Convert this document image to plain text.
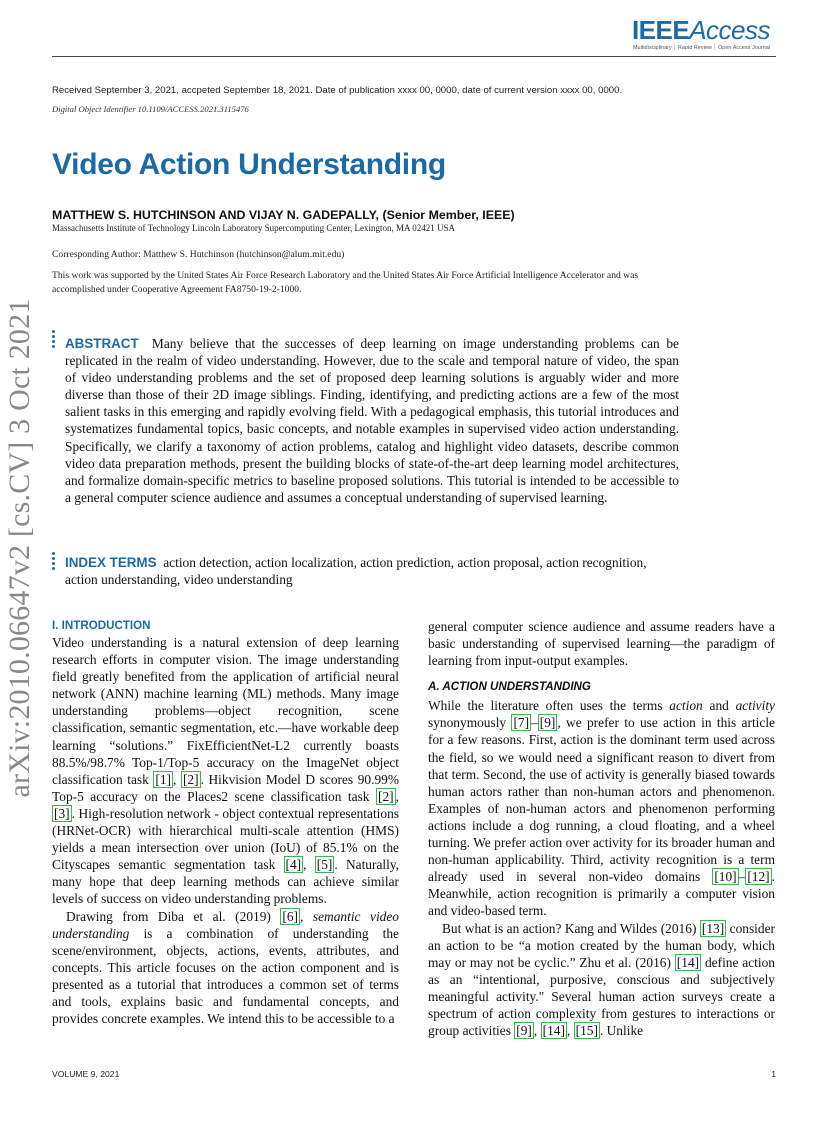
IEEEAccess
Multidisciplinary ⏐ Rapid Review ⏐ Open Access Journal
Received September 3, 2021, accpeted September 18, 2021. Date of publication xxxx 00, 0000, date of current version xxxx 00, 0000.
Digital Object Identifier 10.1109/ACCESS.2021.3115476
Video Action Understanding
MATTHEW S. HUTCHINSON AND VIJAY N. GADEPALLY, (Senior Member, IEEE)
Massachusetts Institute of Technology Lincoln Laboratory Supercomputing Center, Lexington, MA 02421 USA
Corresponding Author: Matthew S. Hutchinson (hutchinson@alum.mit.edu)
This work was supported by the United States Air Force Research Laboratory and the United States Air Force Artificial Intelligence Accelerator and was accomplished under Cooperative Agreement FA8750-19-2-1000.
arXiv:2010.06647v2 [cs.CV] 3 Oct 2021 ABSTRACT Many believe that the successes of deep learning on image understanding problems can be replicated in the realm of video understanding. However, due to the scale and temporal nature of video, the span of video understanding problems and the set of proposed deep learning solutions is arguably wider and more diverse than those of their 2D image siblings. Finding, identifying, and predicting actions are a few of the most salient tasks in this emerging and rapidly evolving field. With a pedagogical emphasis, this tutorial introduces and systematizes fundamental topics, basic concepts, and notable examples in supervised video action understanding. Specifically, we clarify a taxonomy of action problems, catalog and highlight video datasets, describe common video data preparation methods, present the building blocks of state-of-the-art deep learning model architectures, and formalize domain-specific metrics to baseline proposed solutions. This tutorial is intended to be accessible to a general computer science audience and assumes a conceptual understanding of supervised learning.
INDEX TERMS action detection, action localization, action prediction, action proposal, action recognition, action understanding, video understanding
I. INTRODUCTION

Video understanding is a natural extension of deep learning research efforts in computer vision. The image understanding field greatly benefited from the application of artificial neural network (ANN) machine learning (ML) methods. Many image understanding problems—object recognition, scene classification, semantic segmentation, etc.—have workable deep learning “solutions.” FixEfficientNet-L2 currently boasts 88.5%/98.7% Top-1/Top-5 accuracy on the ImageNet object classification task [1] , [2] . Hikvision Model D scores 90.99% Top-5 accuracy on the Places2 scene classification task [2] , [3] . High-resolution network - object contextual representations (HRNet-OCR) with hierarchical multi-scale attention (HMS) yields a mean intersection over union (IoU) of 85.1% on the Cityscapes semantic segmentation task [4] , [5] . Naturally, many hope that deep learning methods can achieve similar levels of success on video understanding problems.

Drawing from Diba et al. (2019) [6] , semantic video understanding is a combination of understanding the scene/environment, objects, actions, events, attributes, and concepts. This article focuses on the action component and is presented as a tutorial that introduces a common set of terms and tools, explains basic and fundamental concepts, and provides concrete examples. We intend this to be accessible to a

general computer science audience and assume readers have a basic understanding of supervised learning—the paradigm of learning from input-output examples.

A. ACTION UNDERSTANDING

While the literature often uses the terms action and activity synonymously [7] – [9] , we prefer to use action in this article for a few reasons. First, action is the dominant term used across the field, so we would need a significant reason to divert from that term. Second, the use of activity is generally biased towards human actors rather than non-human actors and phenomenon. Examples of non-human actors and phenomenon performing actions include a dog running, a cloud floating, and a wheel turning. We prefer action over activity for its broader human and non-human applicability. Third, activity recognition is a term already used in several non-video domains [10] – [12] . Meanwhile, action recognition is primarily a computer vision and video-based term.

But what is an action? Kang and Wildes (2016) [13] consider an action to be “a motion created by the human body, which may or may not be cyclic.” Zhu et al. (2016) [14] define action as an “intentional, purposive, conscious and subjectively meaningful activity." Several human action surveys create a spectrum of action complexity from gestures to interactions or group activities [9] , [14] , [15] . Unlike

VOLUME 9, 2021	1
